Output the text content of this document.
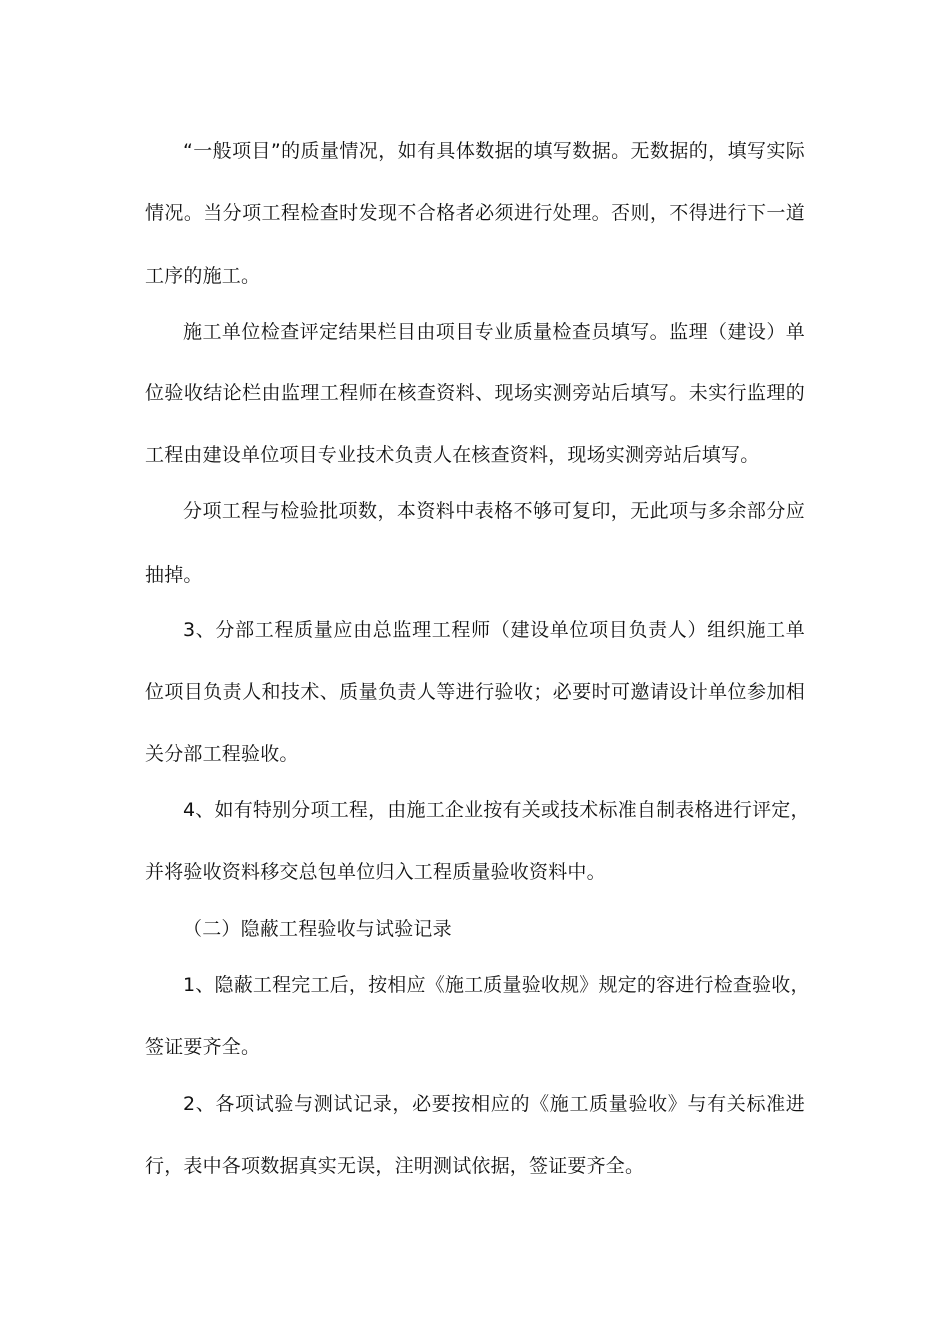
“一般项目”的质量情况，如有具体数据的填写数据。无数据的，填写实际
情况。当分项工程检查时发现不合格者必须进行处理。否则，不得进行下一道
工序的施工。
施工单位检查评定结果栏目由项目专业质量检查员填写。监理（建设）单
位验收结论栏由监理工程师在核查资料、现场实测旁站后填写。未实行监理的
工程由建设单位项目专业技术负责人在核查资料，现场实测旁站后填写。
分项工程与检验批项数，本资料中表格不够可复印，无此项与多余部分应
抽掉。
3、分部工程质量应由总监理工程师（建设单位项目负责人）组织施工单
位项目负责人和技术、质量负责人等进行验收；必要时可邀请设计单位参加相
关分部工程验收。
4、如有特别分项工程，由施工企业按有关或技术标准自制表格进行评定，
并将验收资料移交总包单位归入工程质量验收资料中。
（二）隐蔽工程验收与试验记录
1、隐蔽工程完工后，按相应《施工质量验收规》规定的容进行检查验收，
签证要齐全。
2、各项试验与测试记录，必要按相应的《施工质量验收》与有关标准进
行，表中各项数据真实无误，注明测试依据，签证要齐全。
